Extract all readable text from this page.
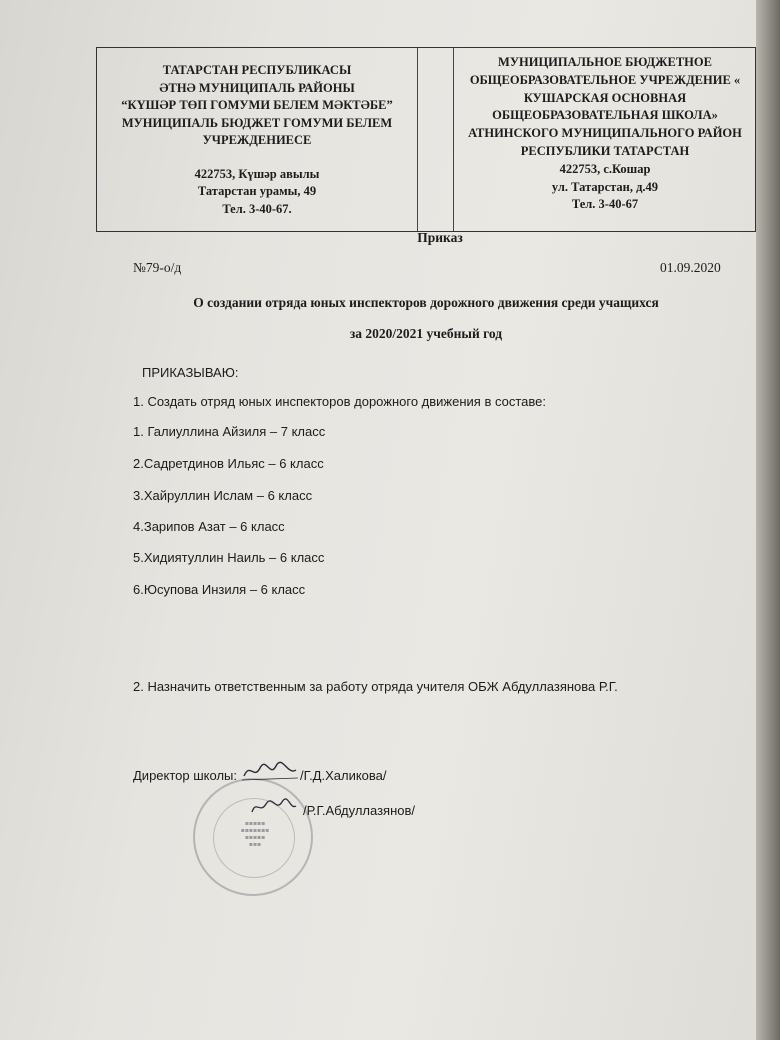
ТАТАРСТАН РЕСПУБЛИКАСЫ
ӘТНӘ МУНИЦИПАЛЬ РАЙОНЫ
“КҮШӘР ТӨП ГОМУМИ БЕЛЕМ МӘКТӘБЕ”
МУНИЦИПАЛЬ БЮДЖЕТ ГОМУМИ БЕЛЕМ
УЧРЕЖДЕНИЕСЕ
422753, Күшәр авылы
Татарстан урамы, 49
Тел. 3-40-67.
МУНИЦИПАЛЬНОЕ БЮДЖЕТНОЕ
ОБЩЕОБРАЗОВАТЕЛЬНОЕ УЧРЕЖДЕНИЕ «
КУШАРСКАЯ ОСНОВНАЯ
ОБЩЕОБРАЗОВАТЕЛЬНАЯ ШКОЛА»
АТНИНСКОГО МУНИЦИПАЛЬНОГО РАЙОН
РЕСПУБЛИКИ ТАТАРСТАН
422753, с.Кошар
ул. Татарстан, д.49
Тел. 3-40-67
Приказ
№79-о/д	01.09.2020
О создании отряда юных инспекторов дорожного движения среди учащихся
за 2020/2021 учебный год
ПРИКАЗЫВАЮ:
1. Создать отряд юных инспекторов дорожного движения в составе:
1. Галиуллина Айзиля – 7 класс
2.Садретдинов Ильяс – 6 класс
3.Хайруллин Ислам – 6 класс
4.Зарипов Азат – 6 класс
5.Хидиятуллин Наиль – 6 класс
6.Юсупова Инзиля – 6 класс
2. Назначить ответственным за работу отряда учителя ОБЖ Абдуллазянова Р.Г.
▪▪▪▪▪
▪▪▪▪▪▪▪
▪▪▪▪▪
▪▪▪
Директор школы:	/Г.Д.Халикова/
/Р.Г.Абдуллазянов/
